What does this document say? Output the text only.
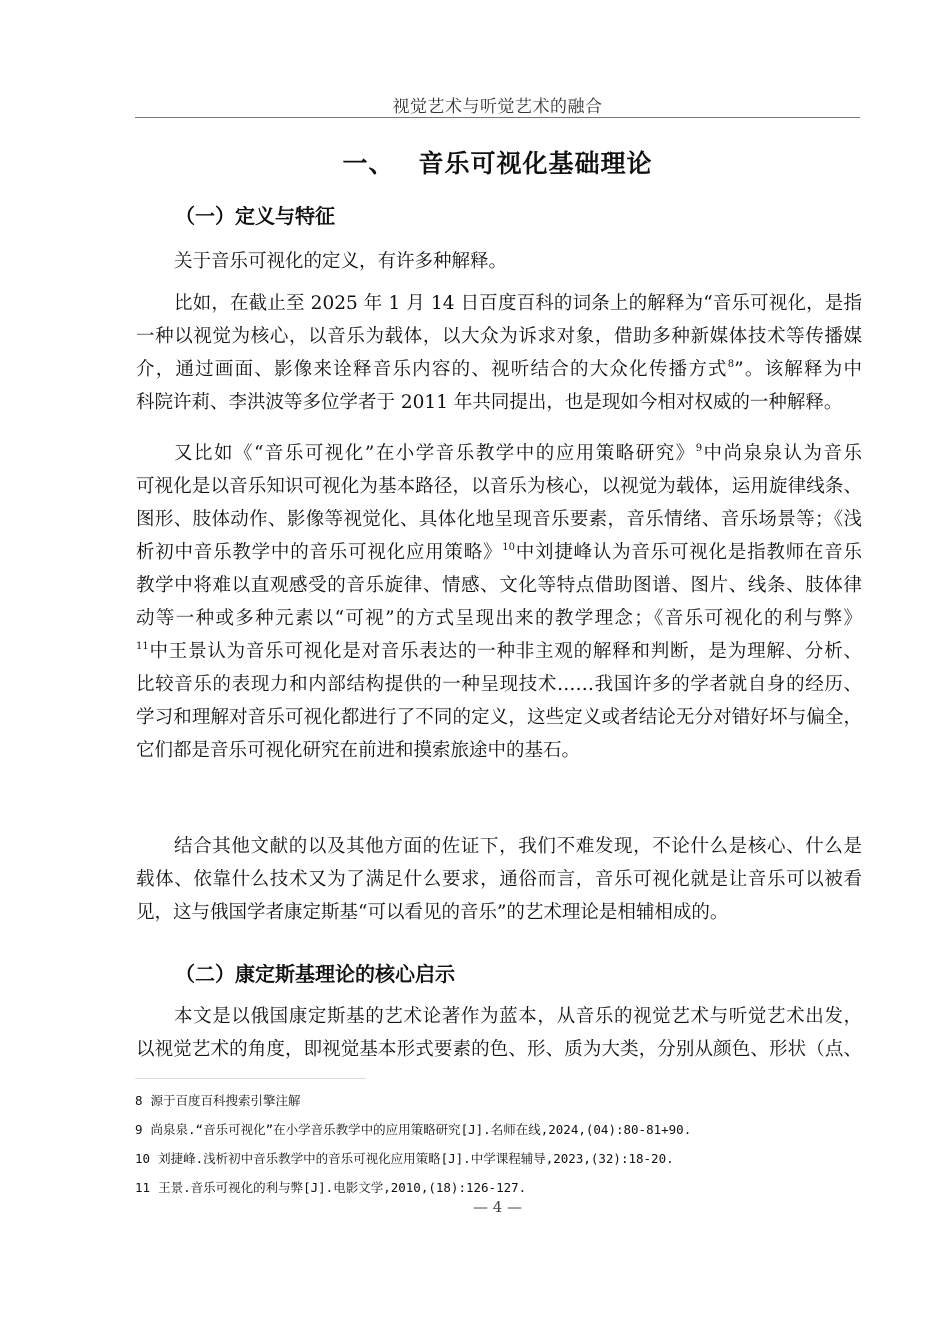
视觉艺术与听觉艺术的融合
一、 音乐可视化基础理论
（一）定义与特征
关于音乐可视化的定义，有许多种解释。
比如，在截止至 2025 年 1 月 14 日百度百科的词条上的解释为“音乐可视化，是指
一种以视觉为核心，以音乐为载体，以大众为诉求对象，借助多种新媒体技术等传播媒
介，通过画面、影像来诠释音乐内容的、视听结合的大众化传播方式$^8$”。该解释为中
科院许莉、李洪波等多位学者于 2011 年共同提出，也是现如今相对权威的一种解释。
又比如《“音乐可视化”在小学音乐教学中的应用策略研究》$^9$中尚泉泉认为音乐
可视化是以音乐知识可视化为基本路径，以音乐为核心，以视觉为载体，运用旋律线条、
图形、肢体动作、影像等视觉化、具体化地呈现音乐要素，音乐情绪、音乐场景等；《浅
析初中音乐教学中的音乐可视化应用策略》$^{10}$中刘捷峰认为音乐可视化是指教师在音乐
教学中将难以直观感受的音乐旋律、情感、文化等特点借助图谱、图片、线条、肢体律
动等一种或多种元素以“可视”的方式呈现出来的教学理念；《音乐可视化的利与弊》
$^{11}$中王景认为音乐可视化是对音乐表达的一种非主观的解释和判断，是为理解、分析、
比较音乐的表现力和内部结构提供的一种呈现技术……我国许多的学者就自身的经历、
学习和理解对音乐可视化都进行了不同的定义，这些定义或者结论无分对错好坏与偏全，
它们都是音乐可视化研究在前进和摸索旅途中的基石。
结合其他文献的以及其他方面的佐证下，我们不难发现，不论什么是核心、什么是
载体、依靠什么技术又为了满足什么要求，通俗而言，音乐可视化就是让音乐可以被看
见，这与俄国学者康定斯基“可以看见的音乐”的艺术理论是相辅相成的。
（二）康定斯基理论的核心启示
本文是以俄国康定斯基的艺术论著作为蓝本，从音乐的视觉艺术与听觉艺术出发，
以视觉艺术的角度，即视觉基本形式要素的色、形、质为大类，分别从颜色、形状（点、
8 源于百度百科搜索引擎注解
9 尚泉泉.“音乐可视化”在小学音乐教学中的应用策略研究[J].名师在线,2024,(04):80-81+90.
10 刘捷峰.浅析初中音乐教学中的音乐可视化应用策略[J].中学课程辅导,2023,(32):18-20.
11 王景.音乐可视化的利与弊[J].电影文学,2010,(18):126-127.
— 4 —
